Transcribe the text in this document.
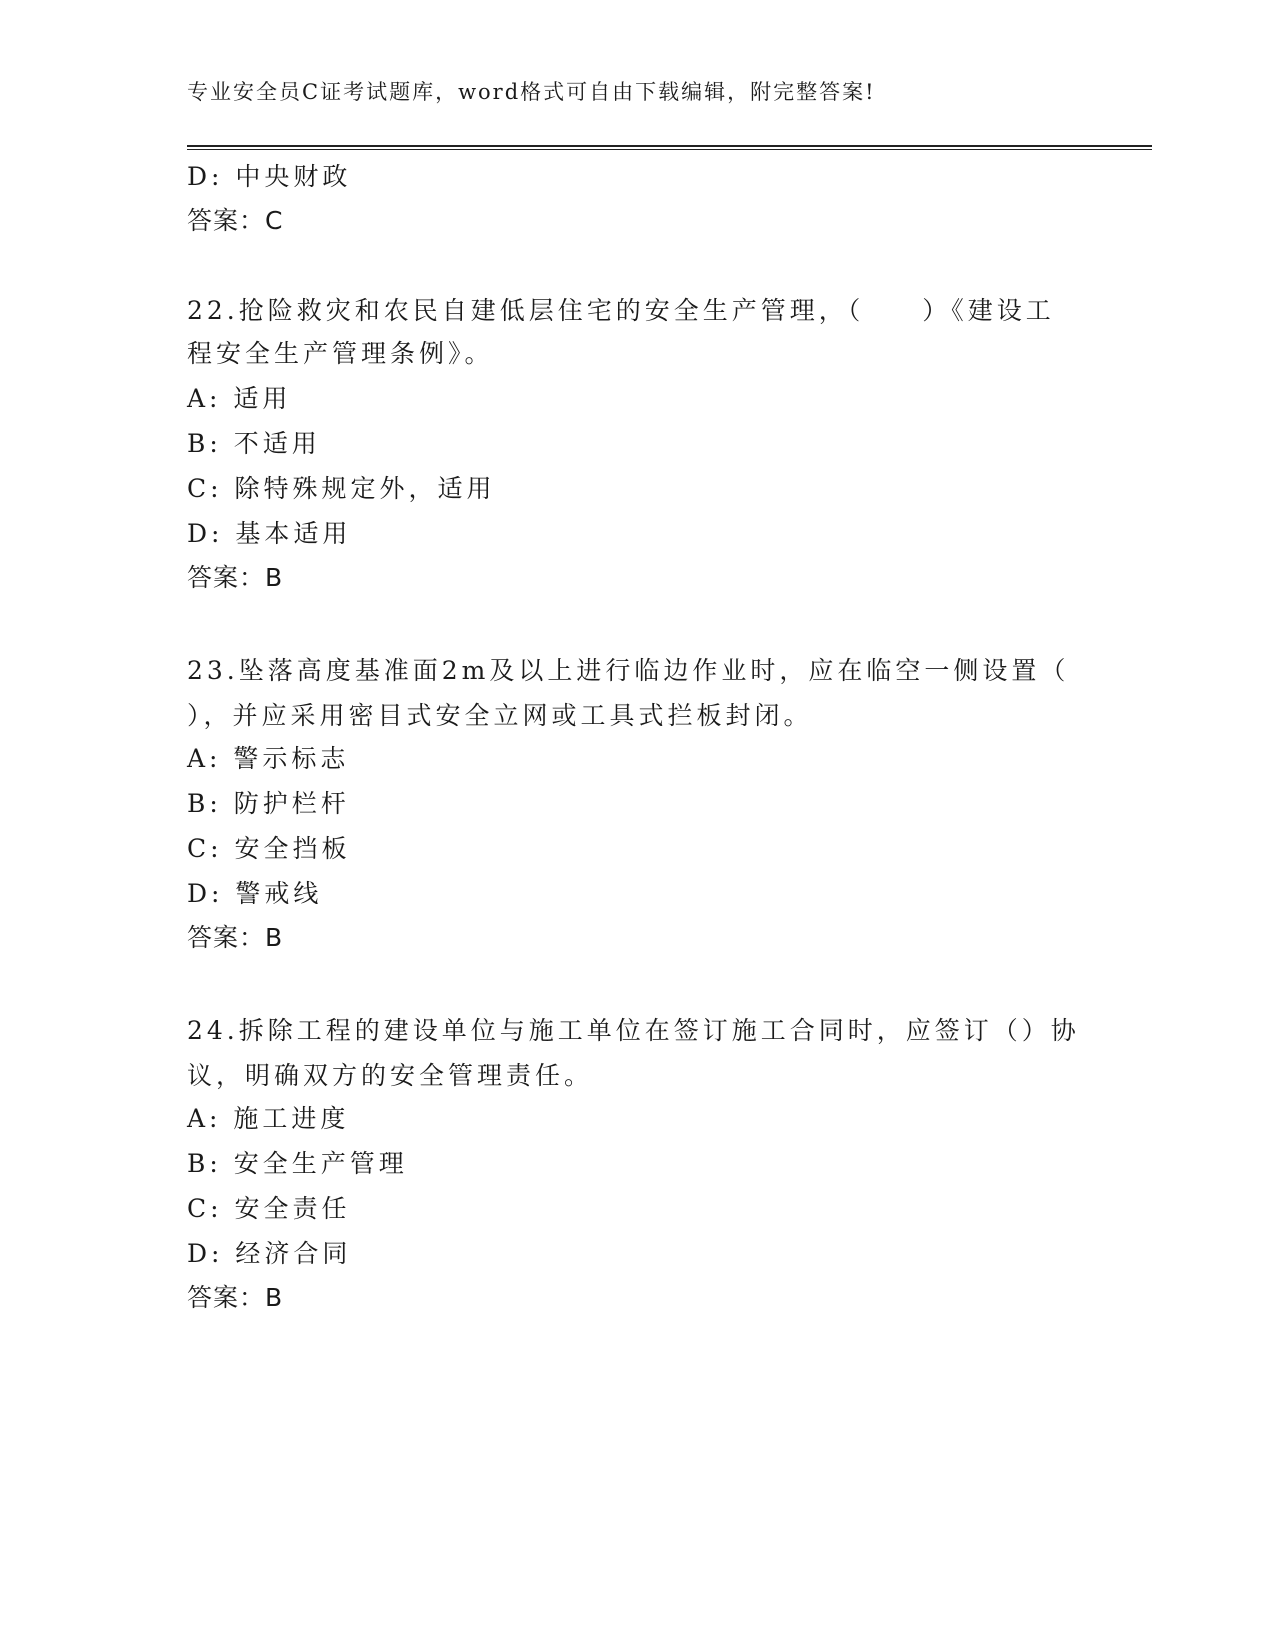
专业安全员C证考试题库，word格式可自由下载编辑，附完整答案!
D: 中央财政
答案：C
22.抢险救灾和农民自建低层住宅的安全生产管理，（　　）《建设工
程安全生产管理条例》。
A: 适用
B: 不适用
C: 除特殊规定外，适用
D: 基本适用
答案：B
23.坠落高度基准面2m及以上进行临边作业时，应在临空一侧设置（
），并应采用密目式安全立网或工具式拦板封闭。
A: 警示标志
B: 防护栏杆
C: 安全挡板
D: 警戒线
答案：B
24.拆除工程的建设单位与施工单位在签订施工合同时，应签订（）协
议，明确双方的安全管理责任。
A: 施工进度
B: 安全生产管理
C: 安全责任
D: 经济合同
答案：B
